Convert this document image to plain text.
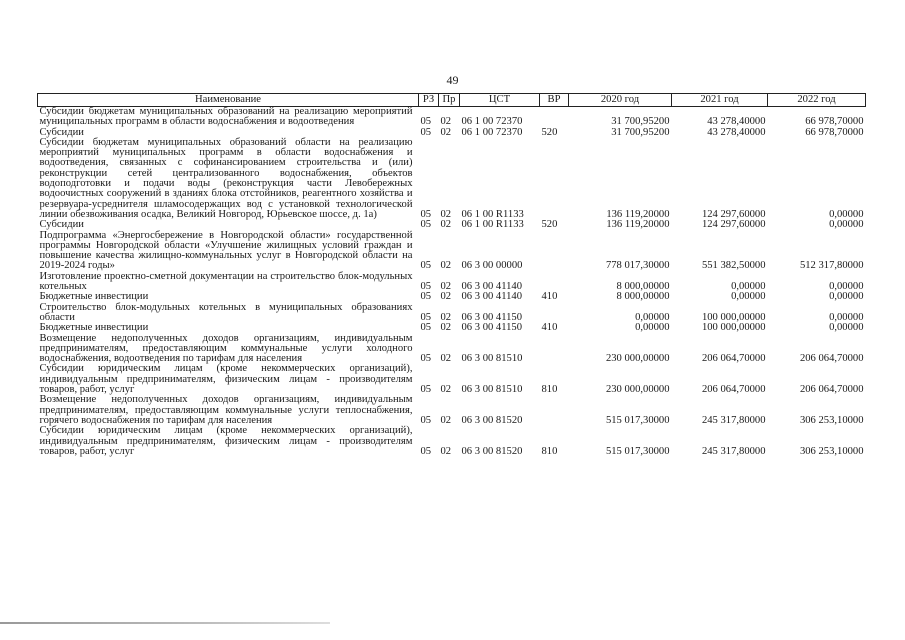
49
Наименование	РЗ	Пр	ЦСТ	ВР	2020 год	2021 год	2022 год
Субсидии бюджетам муниципальных образований на реализацию мероприятий муниципальных программ в области водоснабжения и водоотведения	05	02	06 1 00 72370		31 700,95200	43 278,40000	66 978,70000
Субсидии	05	02	06 1 00 72370	520	31 700,95200	43 278,40000	66 978,70000
Субсидии бюджетам муниципальных образований области на реализацию мероприятий муниципальных программ в области водоснабжения и водоотведения, связанных с софинансированием строительства и (или) реконструкции сетей централизованного водоснабжения, объектов водоподготовки и подачи воды (реконструкция части Левобережных водоочистных сооружений в зданиях блока отстойников, реагентного хозяйства и резервуара-усреднителя шламосодержащих вод с установкой технологической линии обезвоживания осадка, Великий Новгород, Юрьевское шоссе, д. 1а)	05	02	06 1 00 R1133		136 119,20000	124 297,60000	0,00000
Субсидии	05	02	06 1 00 R1133	520	136 119,20000	124 297,60000	0,00000
Подпрограмма «Энергосбережение в Новгородской области» государственной программы Новгородской области «Улучшение жилищных условий граждан и повышение качества жилищно-коммунальных услуг в Новгородской области на 2019-2024 годы»	05	02	06 3 00 00000		778 017,30000	551 382,50000	512 317,80000
Изготовление проектно-сметной документации на строительство блок-модульных котельных	05	02	06 3 00 41140		8 000,00000	0,00000	0,00000
Бюджетные инвестиции	05	02	06 3 00 41140	410	8 000,00000	0,00000	0,00000
Строительство блок-модульных котельных в муниципальных образованиях области	05	02	06 3 00 41150		0,00000	100 000,00000	0,00000
Бюджетные инвестиции	05	02	06 3 00 41150	410	0,00000	100 000,00000	0,00000
Возмещение недополученных доходов организациям, индивидуальным предпринимателям, предоставляющим коммунальные услуги холодного водоснабжения, водоотведения по тарифам для населения	05	02	06 3 00 81510		230 000,00000	206 064,70000	206 064,70000
Субсидии юридическим лицам (кроме некоммерческих организаций), индивидуальным предпринимателям, физическим лицам - производителям товаров, работ, услуг	05	02	06 3 00 81510	810	230 000,00000	206 064,70000	206 064,70000
Возмещение недополученных доходов организациям, индивидуальным предпринимателям, предоставляющим коммунальные услуги теплоснабжения, горячего водоснабжения по тарифам для населения	05	02	06 3 00 81520		515 017,30000	245 317,80000	306 253,10000
Субсидии юридическим лицам (кроме некоммерческих организаций), индивидуальным предпринимателям, физическим лицам - производителям товаров, работ, услуг	05	02	06 3 00 81520	810	515 017,30000	245 317,80000	306 253,10000
